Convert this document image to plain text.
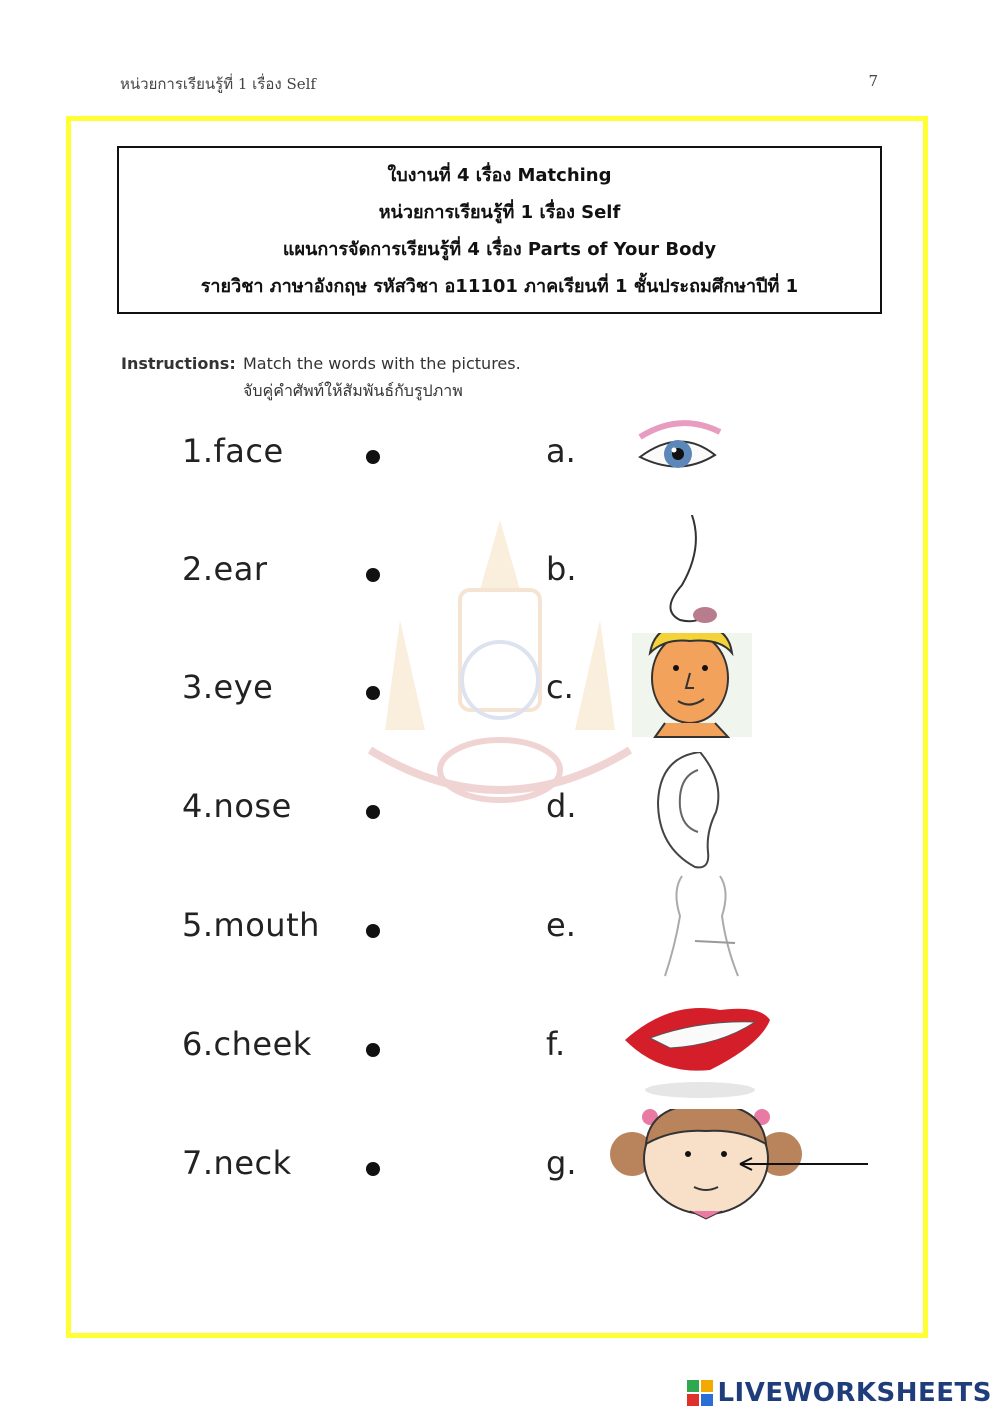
หน่วยการเรียนรู้ที่ 1 เรื่อง Self	7
ใบงานที่ 4 เรื่อง Matching
หน่วยการเรียนรู้ที่ 1 เรื่อง Self
แผนการจัดการเรียนรู้ที่ 4 เรื่อง Parts of Your Body
รายวิชา ภาษาอังกฤษ รหัสวิชา อ11101 ภาคเรียนที่ 1 ชั้นประถมศึกษาปีที่ 1
Instructions: Match the words with the pictures.
จับคู่คำศัพท์ให้สัมพันธ์กับรูปภาพ
1.face	a.
2.ear	b.
3.eye	c.
4.nose	d.
5.mouth	e.
6.cheek	f.
7.neck	g.
LIVEWORKSHEETS
